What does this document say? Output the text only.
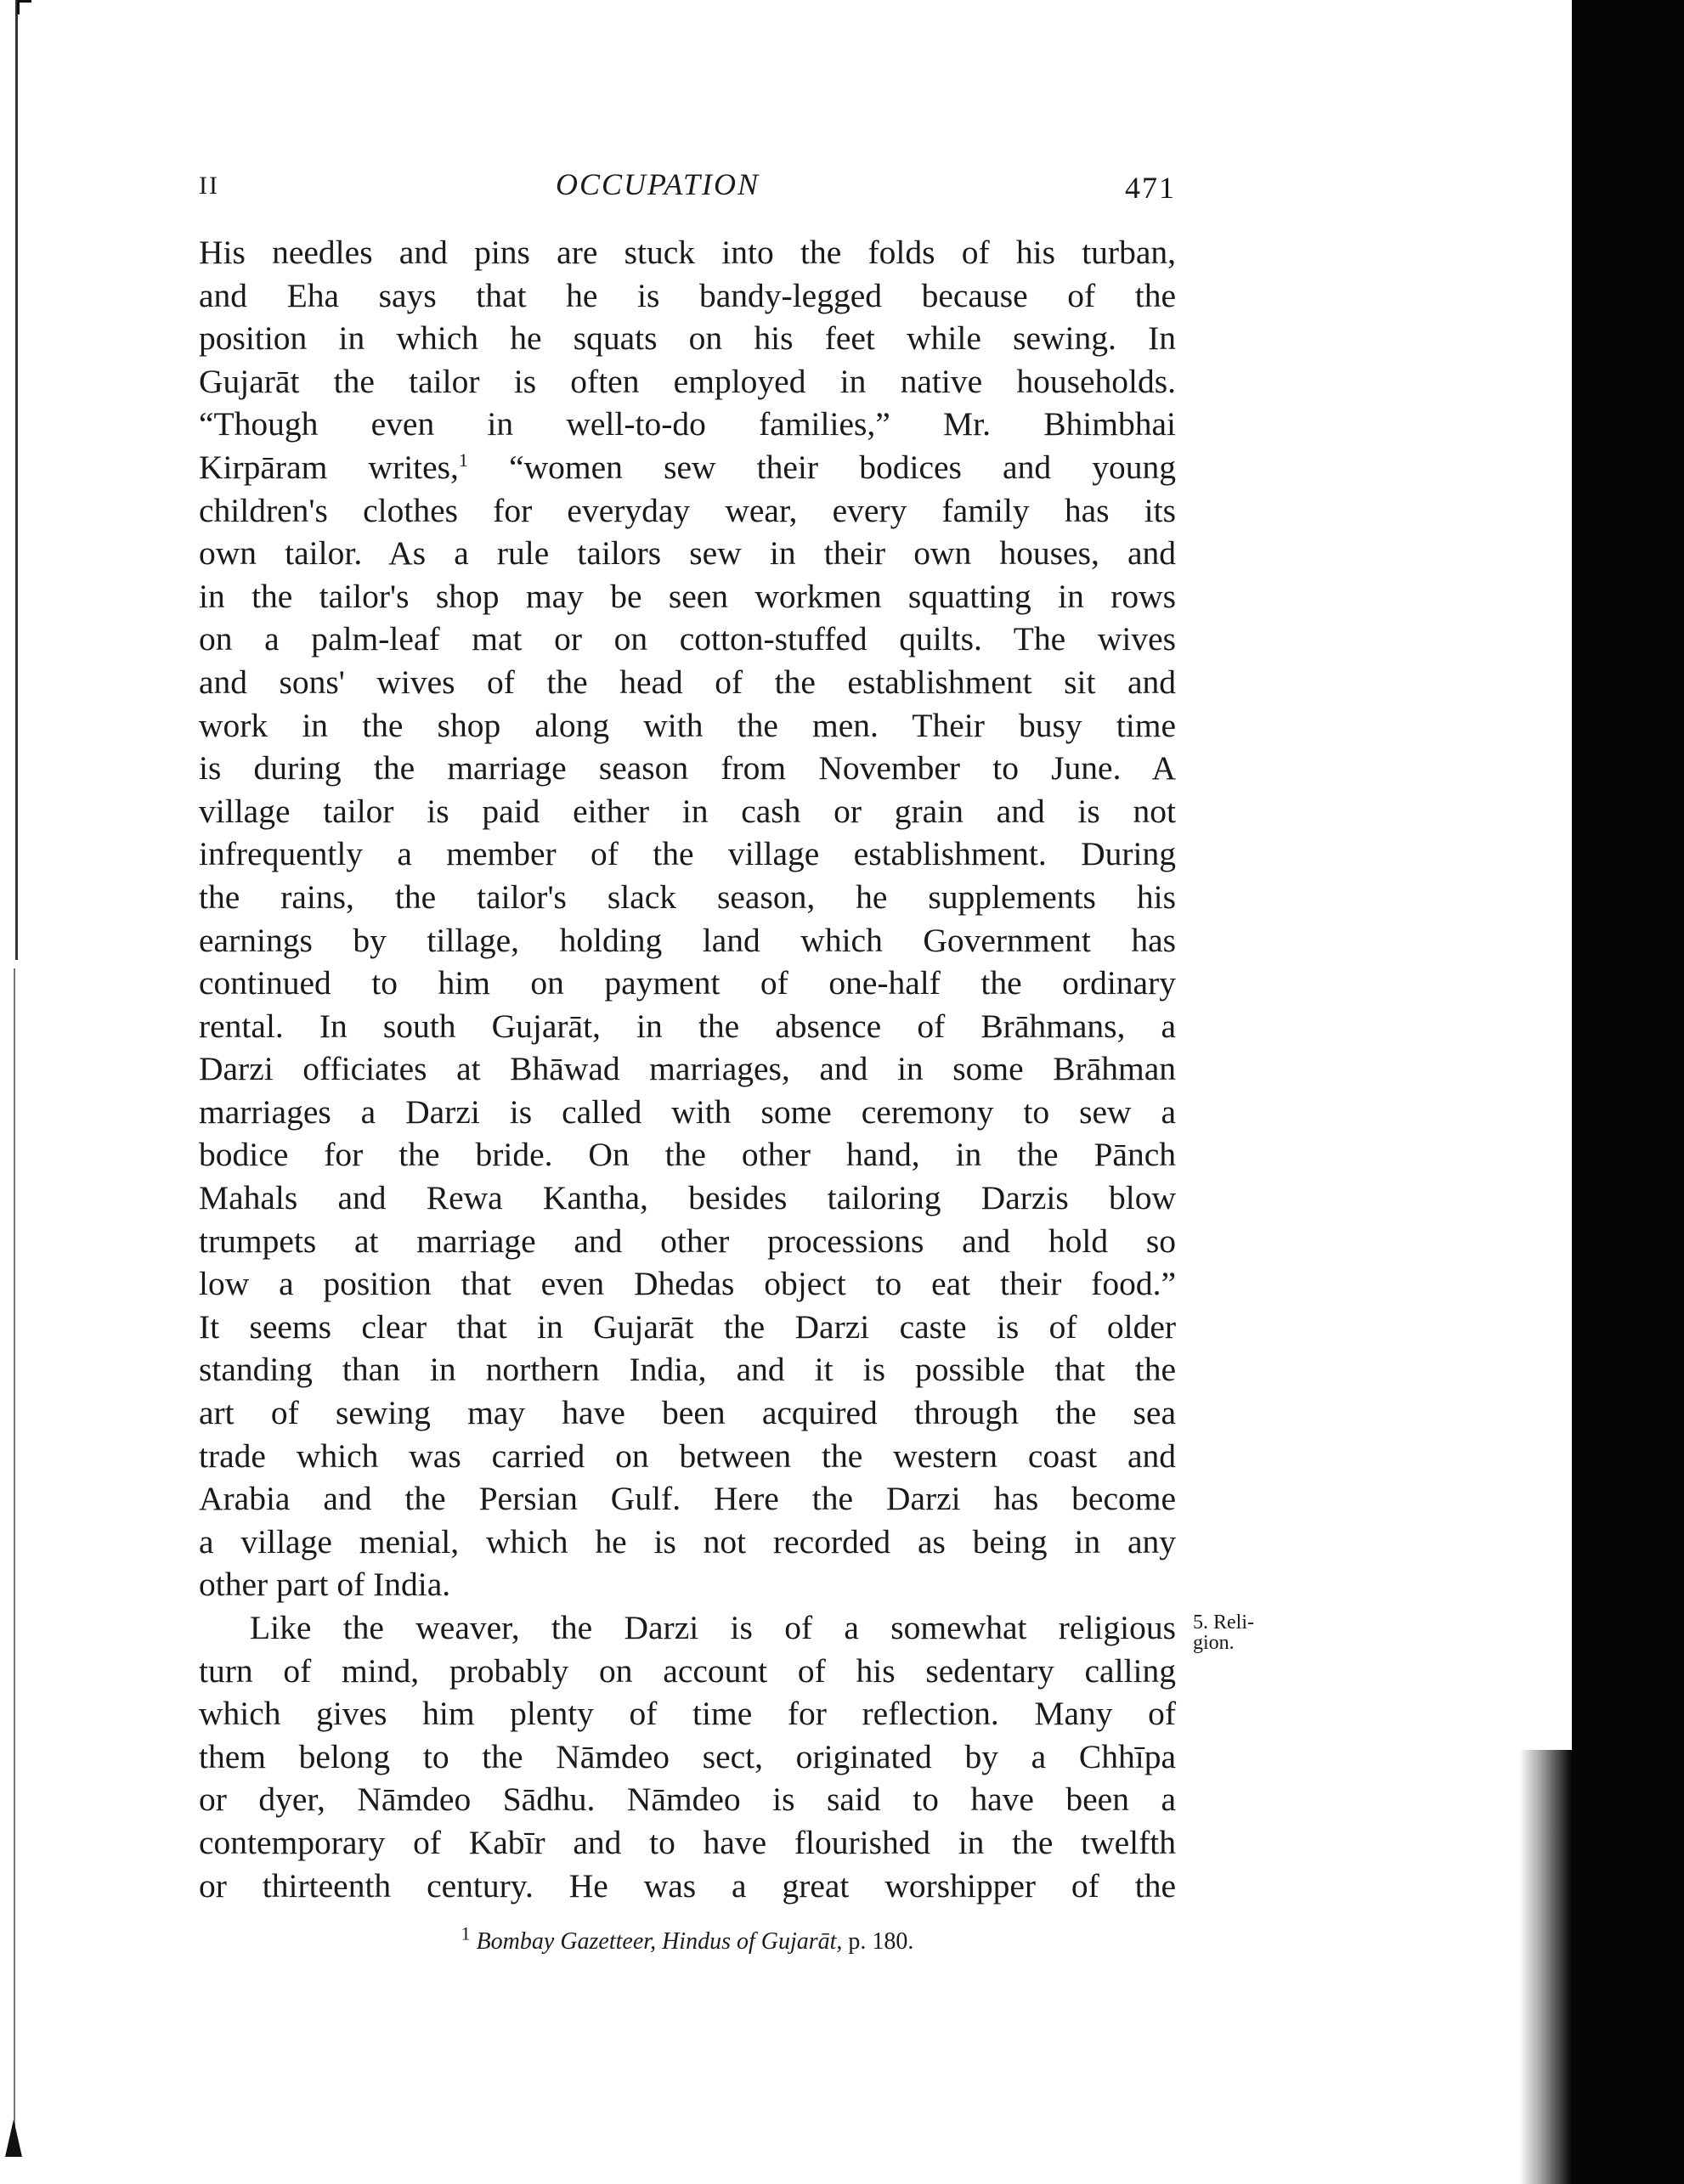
II	OCCUPATION	471
His needles and pins are stuck into the folds of his turban,
and Eha says that he is bandy-legged because of the
position in which he squats on his feet while sewing. In
Gujarāt the tailor is often employed in native households.
“Though even in well-to-do families,” Mr. Bhimbhai
Kirpāram writes,$^1$ “women sew their bodices and young
children's clothes for everyday wear, every family has its
own tailor. As a rule tailors sew in their own houses, and
in the tailor's shop may be seen workmen squatting in rows
on a palm-leaf mat or on cotton-stuffed quilts. The wives
and sons' wives of the head of the establishment sit and
work in the shop along with the men. Their busy time
is during the marriage season from November to June. A
village tailor is paid either in cash or grain and is not
infrequently a member of the village establishment. During
the rains, the tailor's slack season, he supplements his
earnings by tillage, holding land which Government has
continued to him on payment of one-half the ordinary
rental. In south Gujarāt, in the absence of Brāhmans, a
Darzi officiates at Bhāwad marriages, and in some Brāhman
marriages a Darzi is called with some ceremony to sew a
bodice for the bride. On the other hand, in the Pānch
Mahals and Rewa Kantha, besides tailoring Darzis blow
trumpets at marriage and other processions and hold so
low a position that even Dhedas object to eat their food.”
It seems clear that in Gujarāt the Darzi caste is of older
standing than in northern India, and it is possible that the
art of sewing may have been acquired through the sea
trade which was carried on between the western coast and
Arabia and the Persian Gulf. Here the Darzi has become
a village menial, which he is not recorded as being in any
other part of India.
Like the weaver, the Darzi is of a somewhat religious
turn of mind, probably on account of his sedentary calling
which gives him plenty of time for reflection. Many of
them belong to the Nāmdeo sect, originated by a Chhīpa
or dyer, Nāmdeo Sādhu. Nāmdeo is said to have been a
contemporary of Kabīr and to have flourished in the twelfth
or thirteenth century. He was a great worshipper of the
5. Reli-
gion.
$^1$ Bombay Gazetteer, Hindus of Gujarāt, p. 180.
